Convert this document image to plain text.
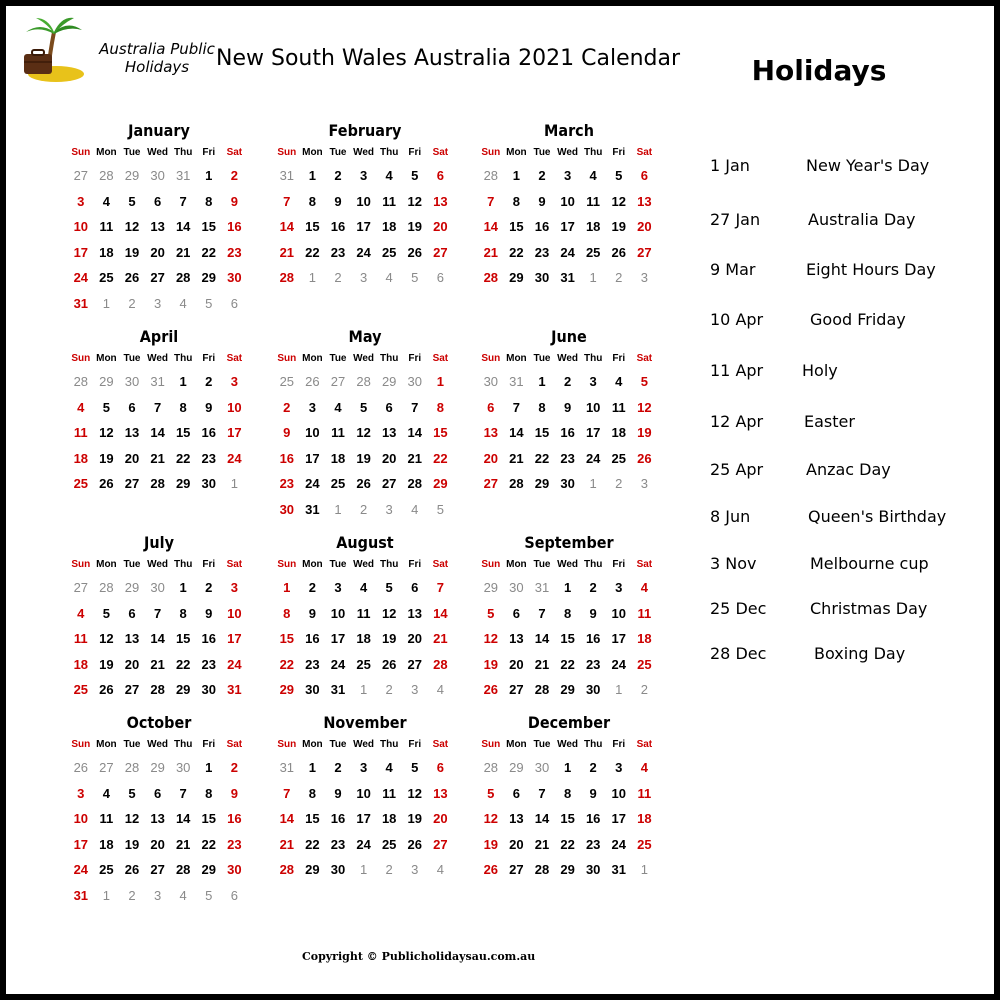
Australia Public
Holidays	New South Wales Australia 2021 Calendar	Holidays
January
Sun Mon Tue Wed Thu	Fri	Sat
27 28 29 30 31	1	2
3	4	5	6	7	8	9
10 11 12 13 14 15 16
17 18 19 20 21 22 23
24 25 26 27 28 29 30
31	1	2	3	4	5	6
February
Sun Mon Tue Wed Thu	Fri	Sat
31	1	2	3	4	5	6
7	8	9	10 11 12 13
14 15 16 17 18 19 20
21 22 23 24 25 26 27
28	1	2	3	4	5	6
March
Sun Mon Tue Wed Thu	Fri	Sat
28	1	2	3	4	5	6
7	8	9	10 11 12 13
14 15 16 17 18 19 20
21 22 23 24 25 26 27
28 29 30 31	1	2	3
April
Sun Mon Tue Wed Thu	Fri	Sat
28 29 30 31	1	2	3
4	5	6	7	8	9	10
11 12 13 14 15 16 17
18 19 20 21 22 23 24
25 26 27 28 29 30	1
May
Sun Mon Tue Wed Thu	Fri	Sat
25 26 27 28 29 30	1
2	3	4	5	6	7	8
9	10 11 12 13 14 15
16 17 18 19 20 21 22
23 24 25 26 27 28 29
30 31	1	2	3	4	5
June
Sun Mon Tue Wed Thu	Fri	Sat
30 31	1	2	3	4	5
6	7	8	9	10 11 12
13 14 15 16 17 18 19
20 21 22 23 24 25 26
27 28 29 30	1	2	3
July
Sun Mon Tue Wed Thu	Fri	Sat
27 28 29 30	1	2	3
4	5	6	7	8	9	10
11 12 13 14 15 16 17
18 19 20 21 22 23 24
25 26 27 28 29 30 31
August
Sun Mon Tue Wed Thu	Fri	Sat
1	2	3	4	5	6	7
8	9	10 11 12 13 14
15 16 17 18 19 20 21
22 23 24 25 26 27 28
29 30 31	1	2	3	4
September
Sun Mon Tue Wed Thu	Fri	Sat
29 30 31	1	2	3	4
5	6	7	8	9	10 11
12 13 14 15 16 17 18
19 20 21 22 23 24 25
26 27 28 29 30	1	2
October
Sun Mon Tue Wed Thu	Fri	Sat
26 27 28 29 30	1	2
3	4	5	6	7	8	9
10 11 12 13 14 15 16
17 18 19 20 21 22 23
24 25 26 27 28 29 30
31	1	2	3	4	5	6
November
Sun Mon Tue Wed Thu	Fri	Sat
31	1	2	3	4	5	6
7	8	9	10 11 12 13
14 15 16 17 18 19 20
21 22 23 24 25 26 27
28 29 30	1	2	3	4
December
Sun Mon Tue Wed Thu	Fri	Sat
28 29 30	1	2	3	4
5	6	7	8	9	10 11
12 13 14 15 16 17 18
19 20 21 22 23 24 25
26 27 28 29 30 31	1
1 Jan	New Year's Day
27 Jan	Australia Day
9 Mar	Eight Hours Day
10 Apr	Good Friday
11 Apr Holy
12 Apr	Easter
25 Apr	Anzac Day
8 Jun	Queen's Birthday
3 Nov	Melbourne cup
25 Dec	Christmas Day
28 Dec	Boxing Day
Copyright © Publicholidaysau.com.au
